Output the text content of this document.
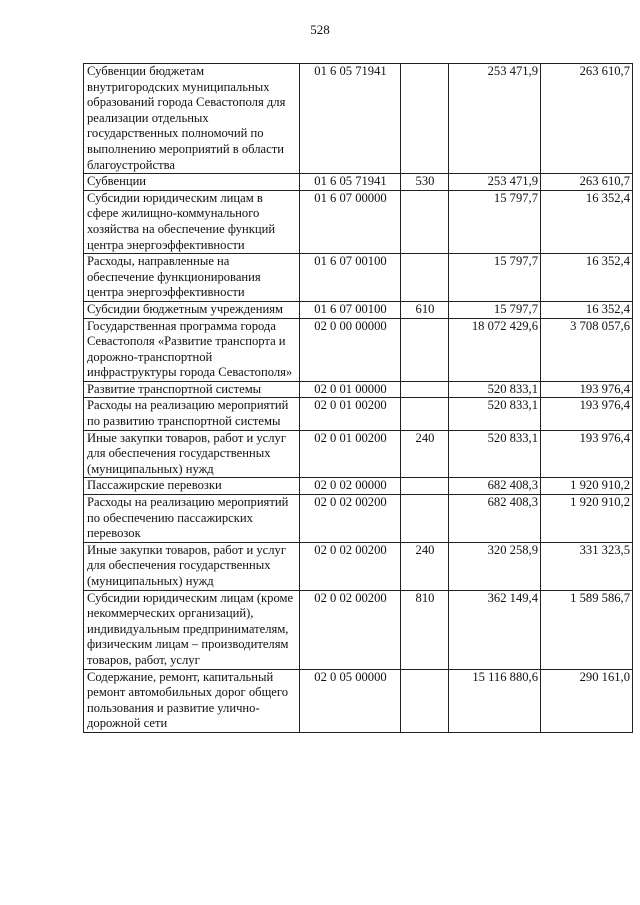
528
Субвенции бюджетам внутригородских муниципальных образований города Севастополя для реализации отдельных государственных полномочий по выполнению мероприятий в области благоустройства	01 6 05 71941		253 471,9	263 610,7
Субвенции	01 6 05 71941	530	253 471,9	263 610,7
Субсидии юридическим лицам в сфере жилищно-коммунального хозяйства на обеспечение функций центра энергоэффективности	01 6 07 00000		15 797,7	16 352,4
Расходы, направленные на обеспечение функционирования центра энергоэффективности	01 6 07 00100		15 797,7	16 352,4
Субсидии бюджетным учреждениям	01 6 07 00100	610	15 797,7	16 352,4
Государственная программа города Севастополя «Развитие транспорта и дорожно-транспортной инфраструктуры города Севастополя»	02 0 00 00000		18 072 429,6	3 708 057,6
Развитие транспортной системы	02 0 01 00000		520 833,1	193 976,4
Расходы на реализацию мероприятий по развитию транспортной системы	02 0 01 00200		520 833,1	193 976,4
Иные закупки товаров, работ и услуг для обеспечения государственных (муниципальных) нужд	02 0 01 00200	240	520 833,1	193 976,4
Пассажирские перевозки	02 0 02 00000		682 408,3	1 920 910,2
Расходы на реализацию мероприятий по обеспечению пассажирских перевозок	02 0 02 00200		682 408,3	1 920 910,2
Иные закупки товаров, работ и услуг для обеспечения государственных (муниципальных) нужд	02 0 02 00200	240	320 258,9	331 323,5
Субсидии юридическим лицам (кроме некоммерческих организаций), индивидуальным предпринимателям, физическим лицам – производителям товаров, работ, услуг	02 0 02 00200	810	362 149,4	1 589 586,7
Содержание, ремонт, капитальный ремонт автомобильных дорог общего пользования и развитие улично-дорожной сети	02 0 05 00000		15 116 880,6	290 161,0
